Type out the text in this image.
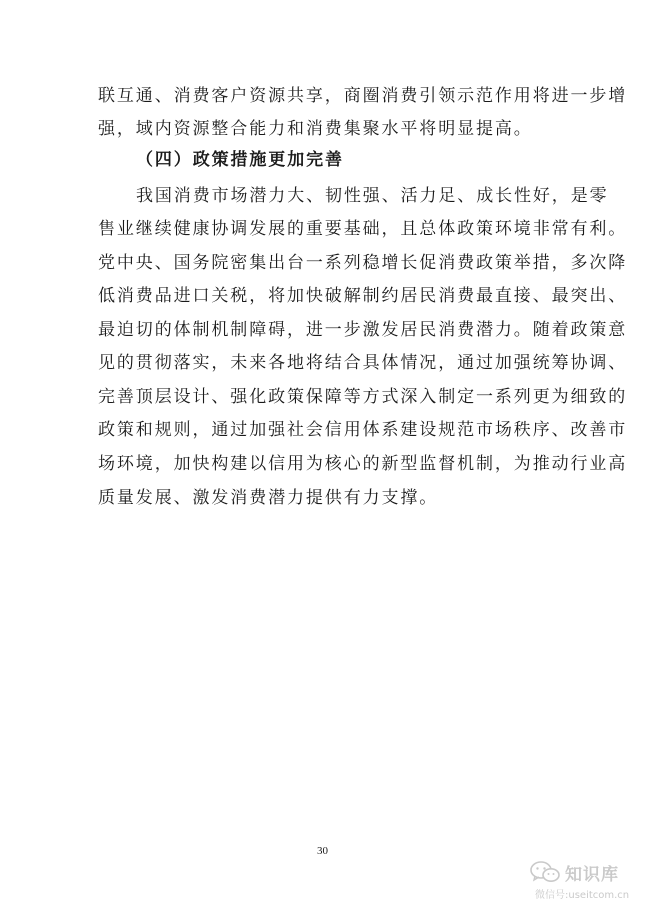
联互通、消费客户资源共享，商圈消费引领示范作用将进一步增
强，域内资源整合能力和消费集聚水平将明显提高。
（四）政策措施更加完善
我国消费市场潜力大、韧性强、活力足、成长性好，是零
售业继续健康协调发展的重要基础，且总体政策环境非常有利。
党中央、国务院密集出台一系列稳增长促消费政策举措，多次降
低消费品进口关税，将加快破解制约居民消费最直接、最突出、
最迫切的体制机制障碍，进一步激发居民消费潜力。随着政策意
见的贯彻落实，未来各地将结合具体情况，通过加强统筹协调、
完善顶层设计、强化政策保障等方式深入制定一系列更为细致的
政策和规则，通过加强社会信用体系建设规范市场秩序、改善市
场环境，加快构建以信用为核心的新型监督机制，为推动行业高
质量发展、激发消费潜力提供有力支撑。
30
知识库
微信号:useitcom.cn
